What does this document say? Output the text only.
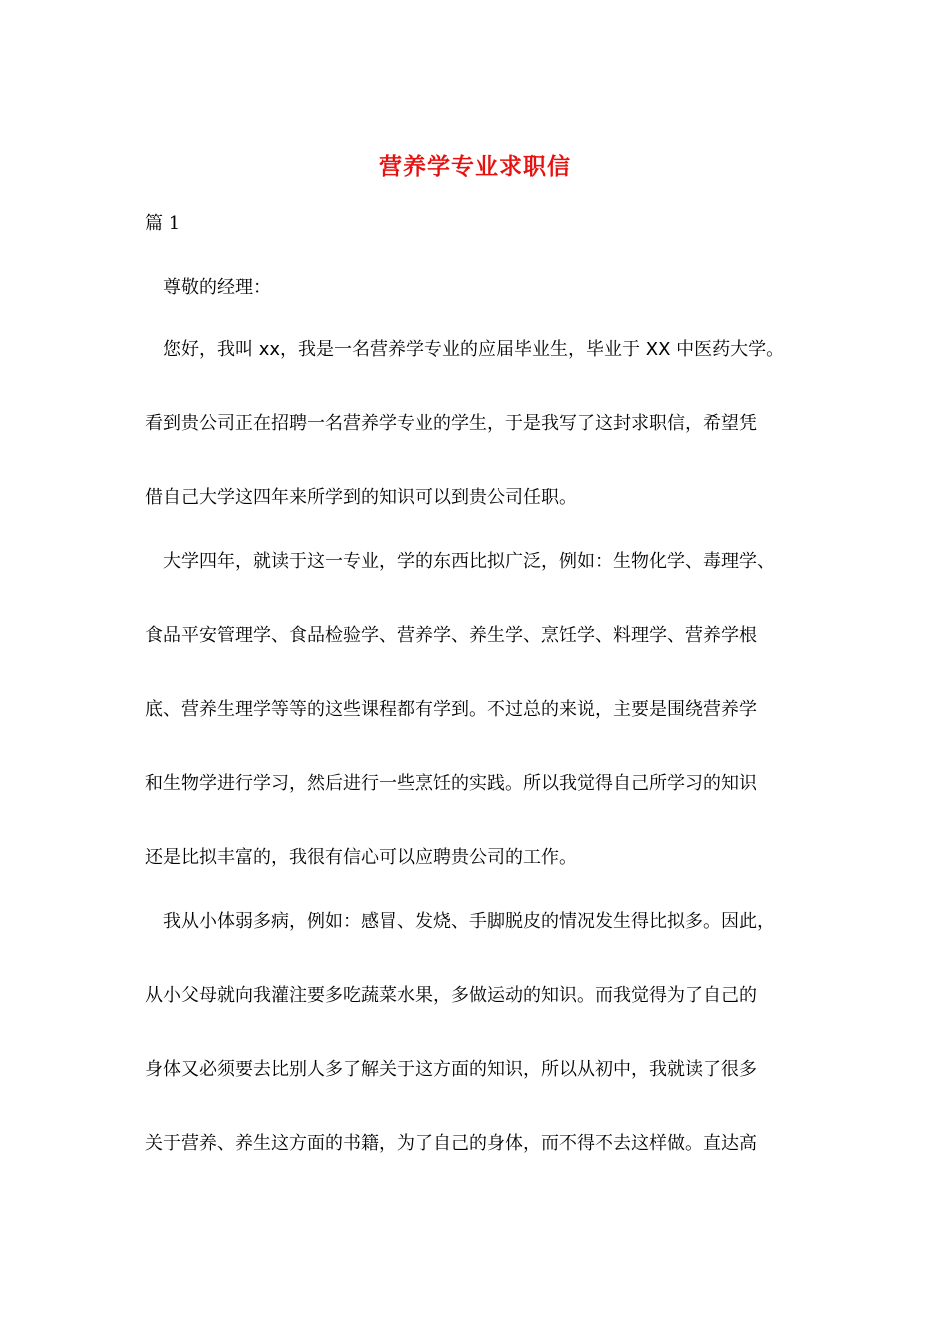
营养学专业求职信
篇 1
尊敬的经理：
您好，我叫 xx，我是一名营养学专业的应届毕业生，毕业于 XX 中医药大学。
看到贵公司正在招聘一名营养学专业的学生，于是我写了这封求职信，希望凭
借自己大学这四年来所学到的知识可以到贵公司任职。
大学四年，就读于这一专业，学的东西比拟广泛，例如：生物化学、毒理学、
食品平安管理学、食品检验学、营养学、养生学、烹饪学、料理学、营养学根
底、营养生理学等等的这些课程都有学到。不过总的来说，主要是围绕营养学
和生物学进行学习，然后进行一些烹饪的实践。所以我觉得自己所学习的知识
还是比拟丰富的，我很有信心可以应聘贵公司的工作。
我从小体弱多病，例如：感冒、发烧、手脚脱皮的情况发生得比拟多。因此，
从小父母就向我灌注要多吃蔬菜水果，多做运动的知识。而我觉得为了自己的
身体又必须要去比别人多了解关于这方面的知识，所以从初中，我就读了很多
关于营养、养生这方面的书籍，为了自己的身体，而不得不去这样做。直达高
